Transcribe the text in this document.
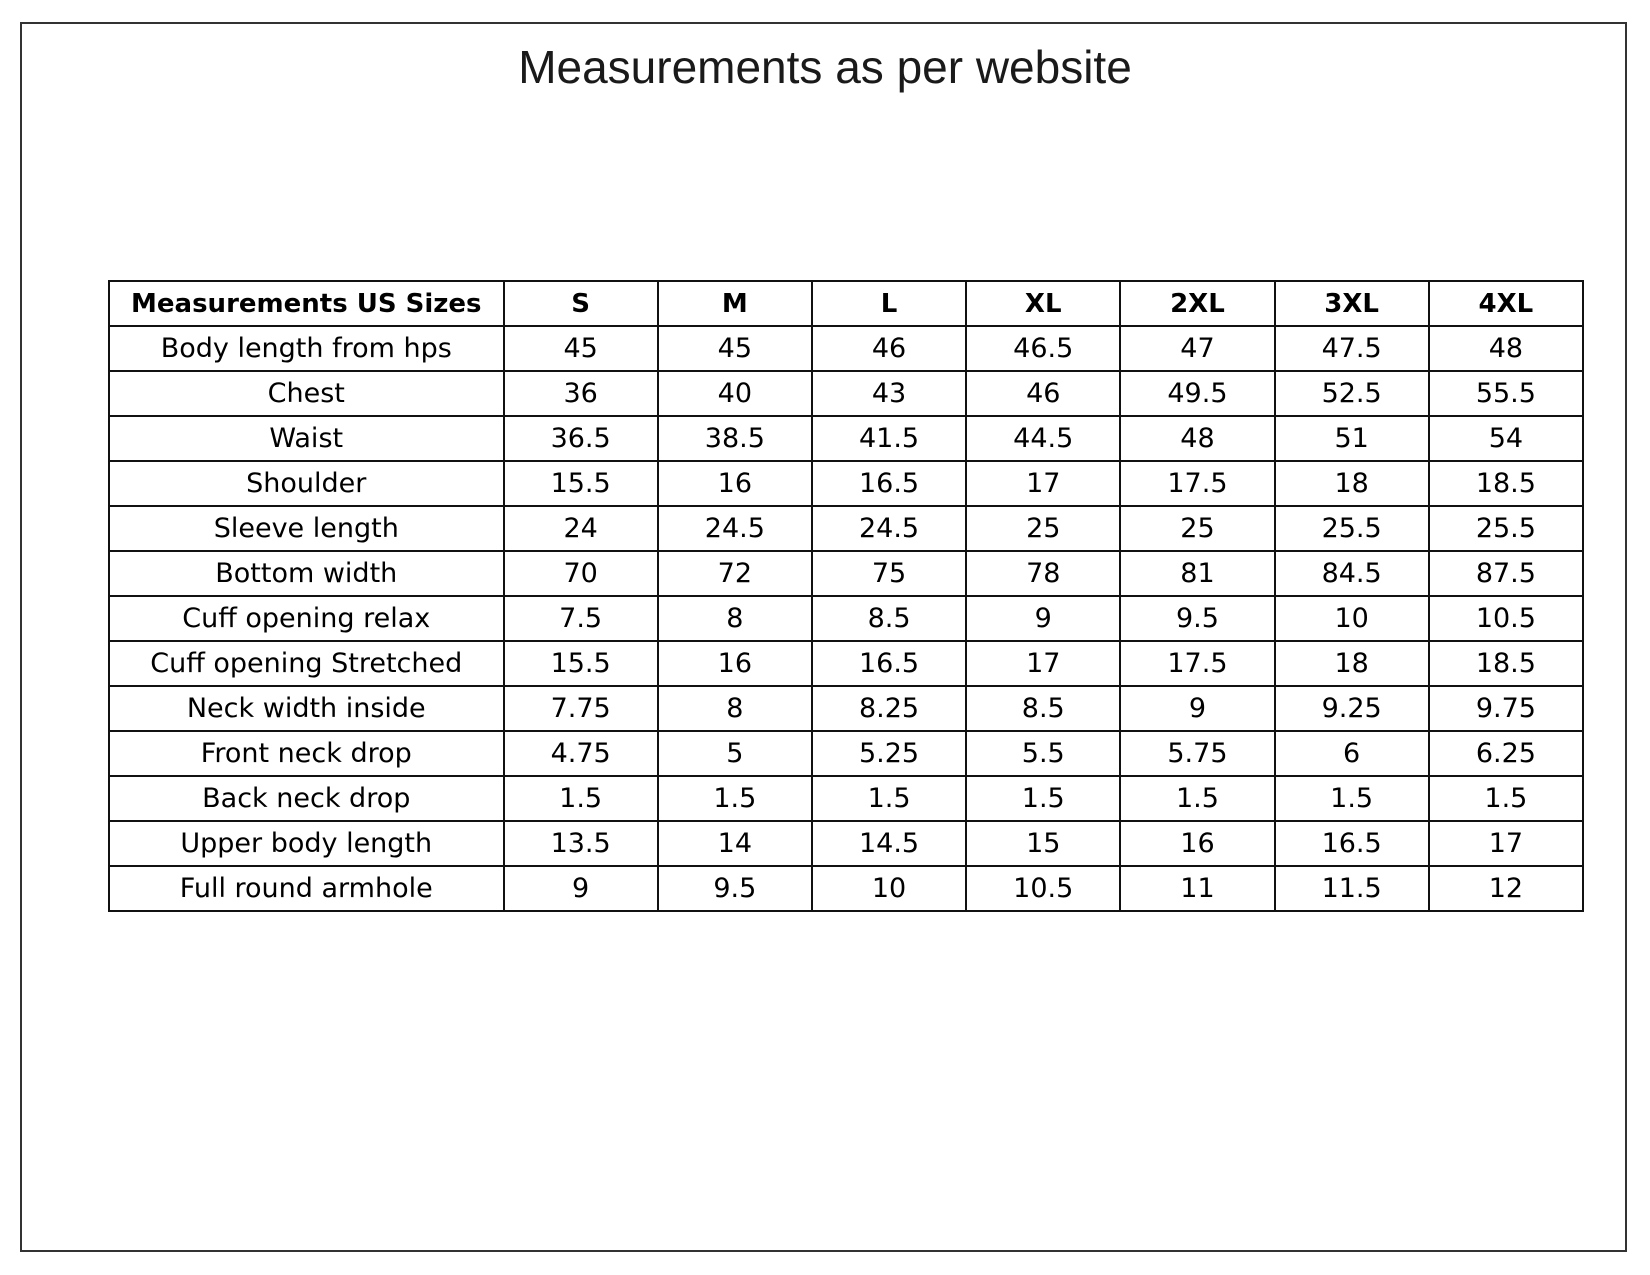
Measurements as per website
Measurements US Sizes	S	M	L	XL	2XL	3XL	4XL
Body length from hps	45	45	46	46.5	47	47.5	48
Chest	36	40	43	46	49.5	52.5	55.5
Waist	36.5	38.5	41.5	44.5	48	51	54
Shoulder	15.5	16	16.5	17	17.5	18	18.5
Sleeve length	24	24.5	24.5	25	25	25.5	25.5
Bottom width	70	72	75	78	81	84.5	87.5
Cuff opening relax	7.5	8	8.5	9	9.5	10	10.5
Cuff opening Stretched	15.5	16	16.5	17	17.5	18	18.5
Neck width inside	7.75	8	8.25	8.5	9	9.25	9.75
Front neck drop	4.75	5	5.25	5.5	5.75	6	6.25
Back neck drop	1.5	1.5	1.5	1.5	1.5	1.5	1.5
Upper body length	13.5	14	14.5	15	16	16.5	17
Full round armhole	9	9.5	10	10.5	11	11.5	12
